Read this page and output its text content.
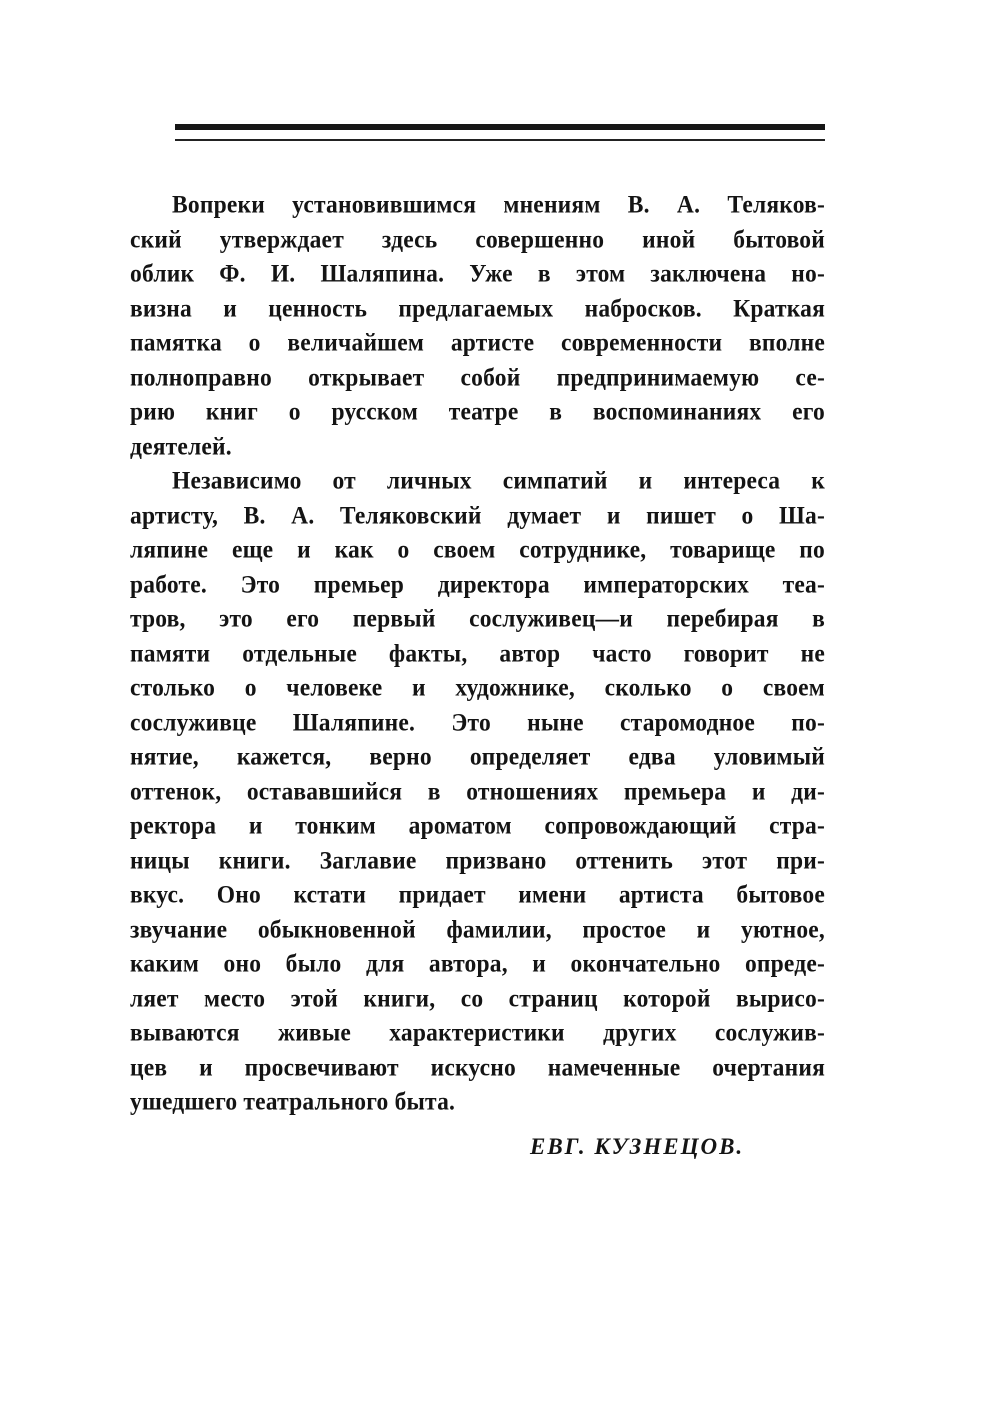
Вопреки установившимся мнениям В. А. Теляков-
ский утверждает здесь совершенно иной бытовой
облик Ф. И. Шаляпина. Уже в этом заключена но-
визна и ценность предлагаемых набросков. Краткая
памятка о величайшем артисте современности вполне
полноправно открывает собой предпринимаемую се-
рию книг о русском театре в воспоминаниях его
деятелей.
Независимо от личных симпатий и интереса к
артисту, В. А. Теляковский думает и пишет о Ша-
ляпине еще и как о своем сотруднике, товарище по
работе. Это премьер директора императорских теа-
тров, это его первый сослуживец—и перебирая в
памяти отдельные факты, автор часто говорит не
столько о человеке и художнике, сколько о своем
сослуживце Шаляпине. Это ныне старомодное по-
нятие, кажется, верно определяет едва уловимый
оттенок, остававшийся в отношениях премьера и ди-
ректора и тонким ароматом сопровождающий стра-
ницы книги. Заглавие призвано оттенить этот при-
вкус. Оно кстати придает имени артиста бытовое
звучание обыкновенной фамилии, простое и уютное,
каким оно было для автора, и окончательно опреде-
ляет место этой книги, со страниц которой вырисо-
вываются живые характеристики других сослужив-
цев и просвечивают искусно намеченные очертания
ушедшего театрального быта.
ЕВГ. КУЗНЕЦОВ.
